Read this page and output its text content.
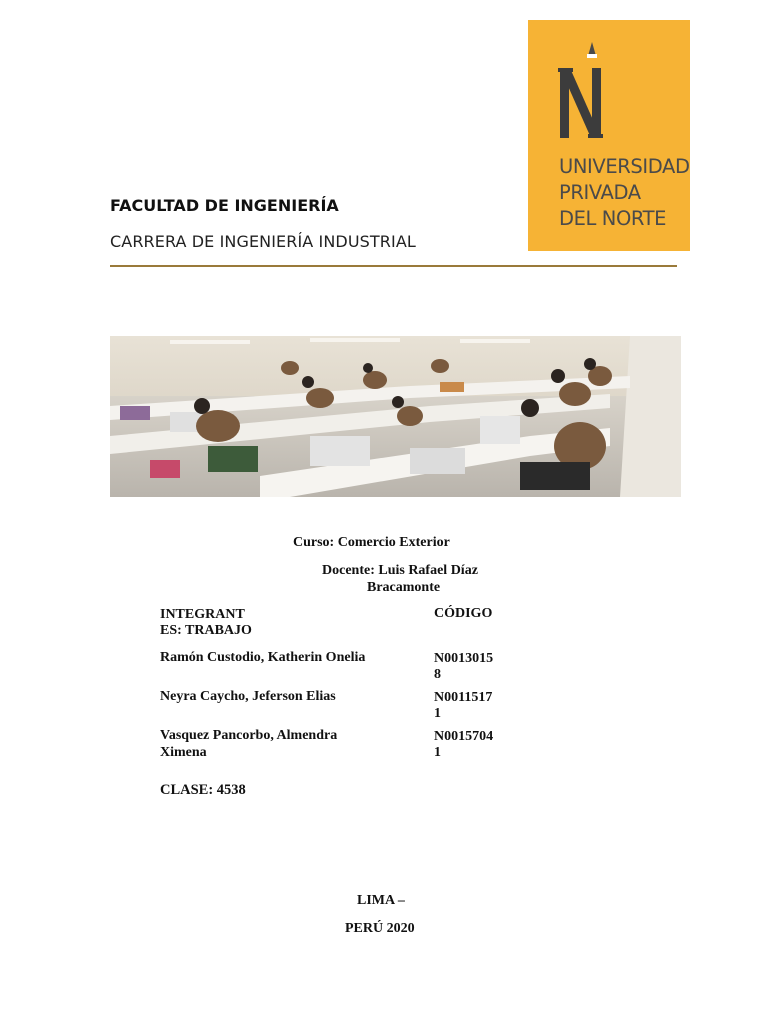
FACULTAD DE INGENIERÍA
CARRERA DE INGENIERÍA INDUSTRIAL
UNIVERSIDAD
PRIVADA
DEL NORTE
Curso: Comercio Exterior
Docente: Luis Rafael Díaz
Bracamonte
INTEGRANT
ES: TRABAJO
CÓDIGO
Ramón Custodio, Katherin Onelia	N0013015
8
Neyra Caycho, Jeferson Elias	N0011517
1
Vasquez Pancorbo, Almendra
Ximena
N0015704
1
CLASE: 4538
LIMA –
PERÚ 2020
